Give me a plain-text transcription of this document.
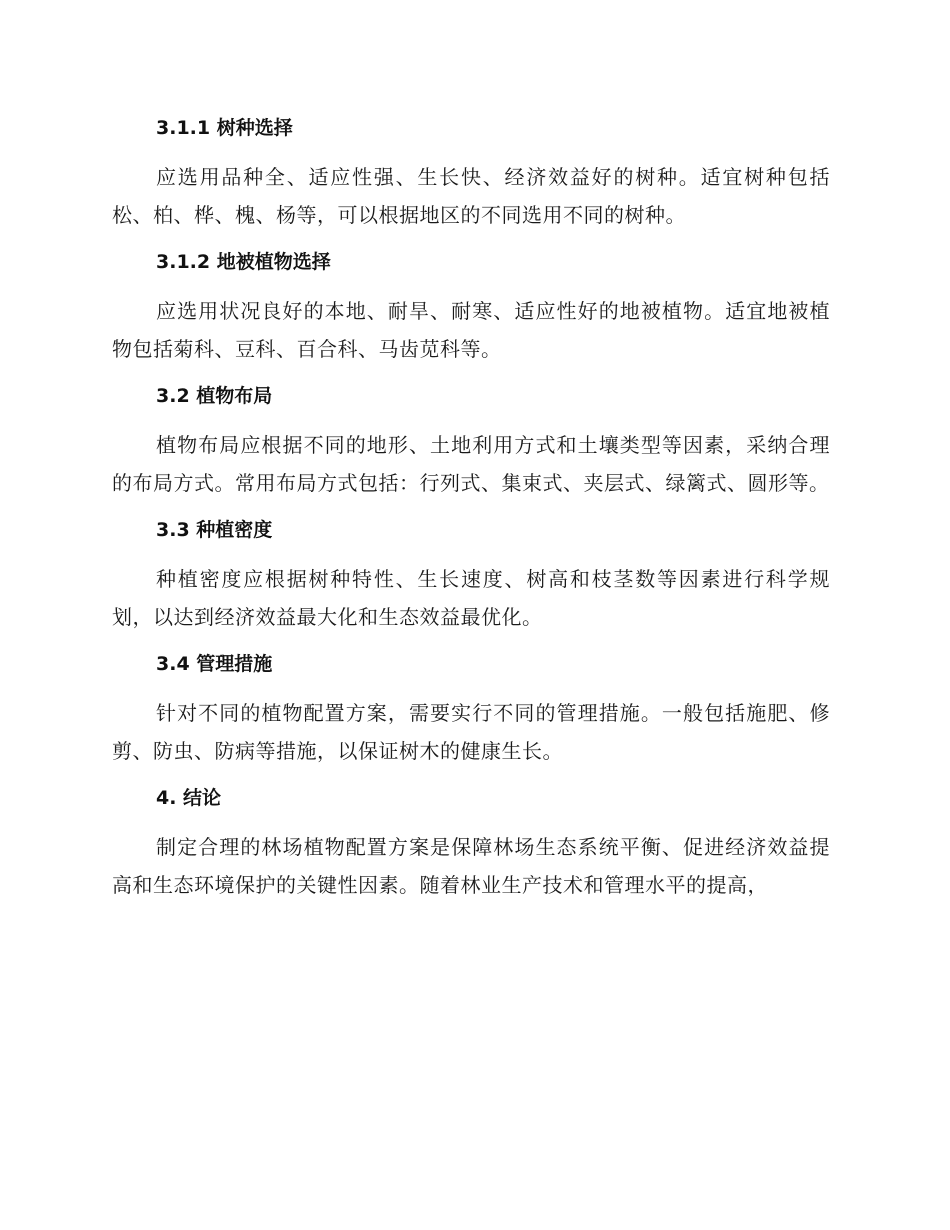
3.1.1 树种选择

应选用品种全、适应性强、生长快、经济效益好的树种。适宜树种包括松、柏、桦、槐、杨等，可以根据地区的不同选用不同的树种。

3.1.2 地被植物选择

应选用状况良好的本地、耐旱、耐寒、适应性好的地被植物。适宜地被植物包括菊科、豆科、百合科、马齿苋科等。

3.2 植物布局

植物布局应根据不同的地形、土地利用方式和土壤类型等因素，采纳合理的布局方式。常用布局方式包括：行列式、集束式、夹层式、绿篱式、圆形等。

3.3 种植密度

种植密度应根据树种特性、生长速度、树高和枝茎数等因素进行科学规划，以达到经济效益最大化和生态效益最优化。

3.4 管理措施

针对不同的植物配置方案，需要实行不同的管理措施。一般包括施肥、修剪、防虫、防病等措施，以保证树木的健康生长。

4. 结论

制定合理的林场植物配置方案是保障林场生态系统平衡、促进经济效益提高和生态环境保护的关键性因素。随着林业生产技术和管理水平的提高，
